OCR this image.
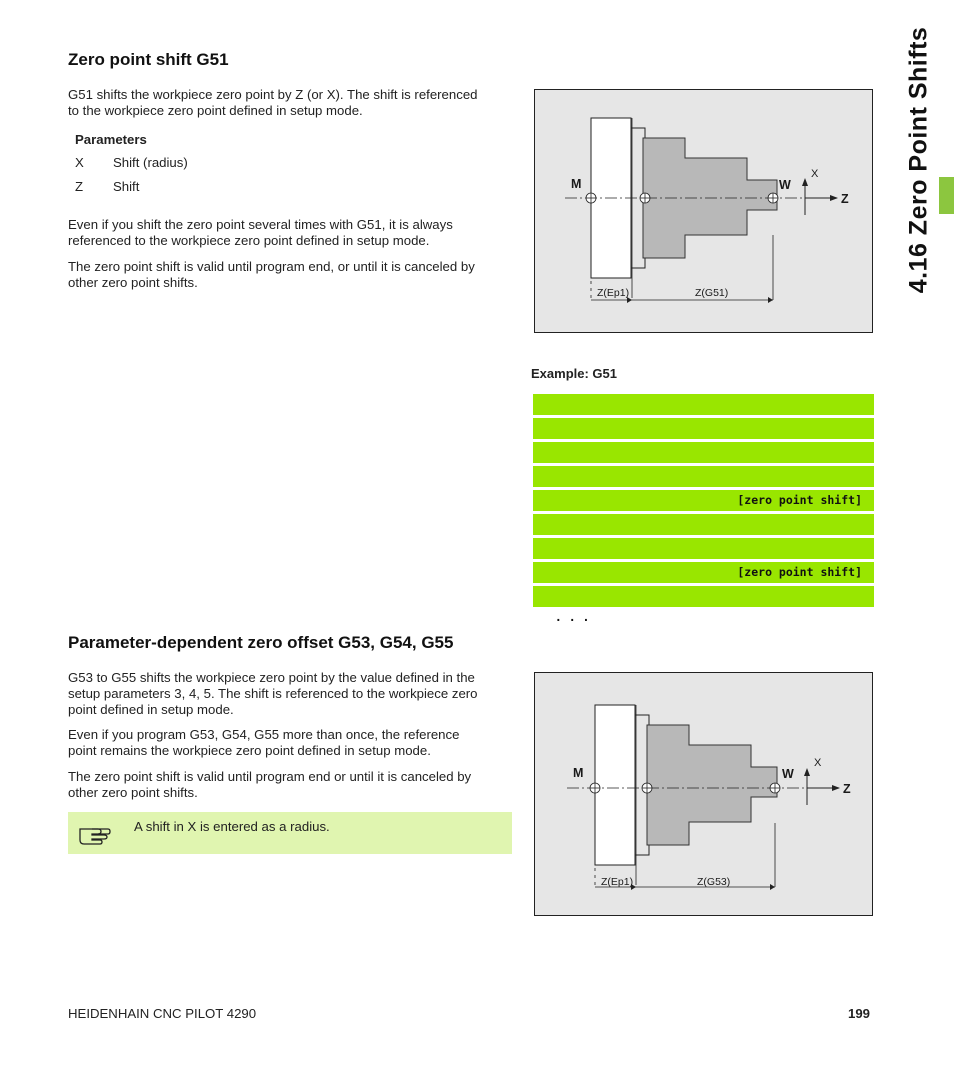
4.16 Zero Point Shifts
Zero point shift G51
G51 shifts the workpiece zero point by Z (or X). The shift is referenced
to the workpiece zero point defined in setup mode.
Parameters
X Shift (radius)
Z Shift
Even if you shift the zero point several times with G51, it is always
referenced to the workpiece zero point defined in setup mode.
The zero point shift is valid until program end, or until it is canceled by
other zero point shifts.
M	W
X
Z
Z(Ep1)	Z(G51)
Example: G51

[zero point shift]

[zero point shift]

. . .

Parameter-dependent zero offset G53, G54, G55
G53 to G55 shifts the workpiece zero point by the value defined in the
setup parameters 3, 4, 5. The shift is referenced to the workpiece zero
point defined in setup mode.
Even if you program G53, G54, G55 more than once, the reference
point remains the workpiece zero point defined in setup mode.
The zero point shift is valid until program end or until it is canceled by
other zero point shifts.
A shift in X is entered as a radius.
M	W
X
Z
Z(Ep1)	Z(G53)
HEIDENHAIN CNC PILOT 4290	199
